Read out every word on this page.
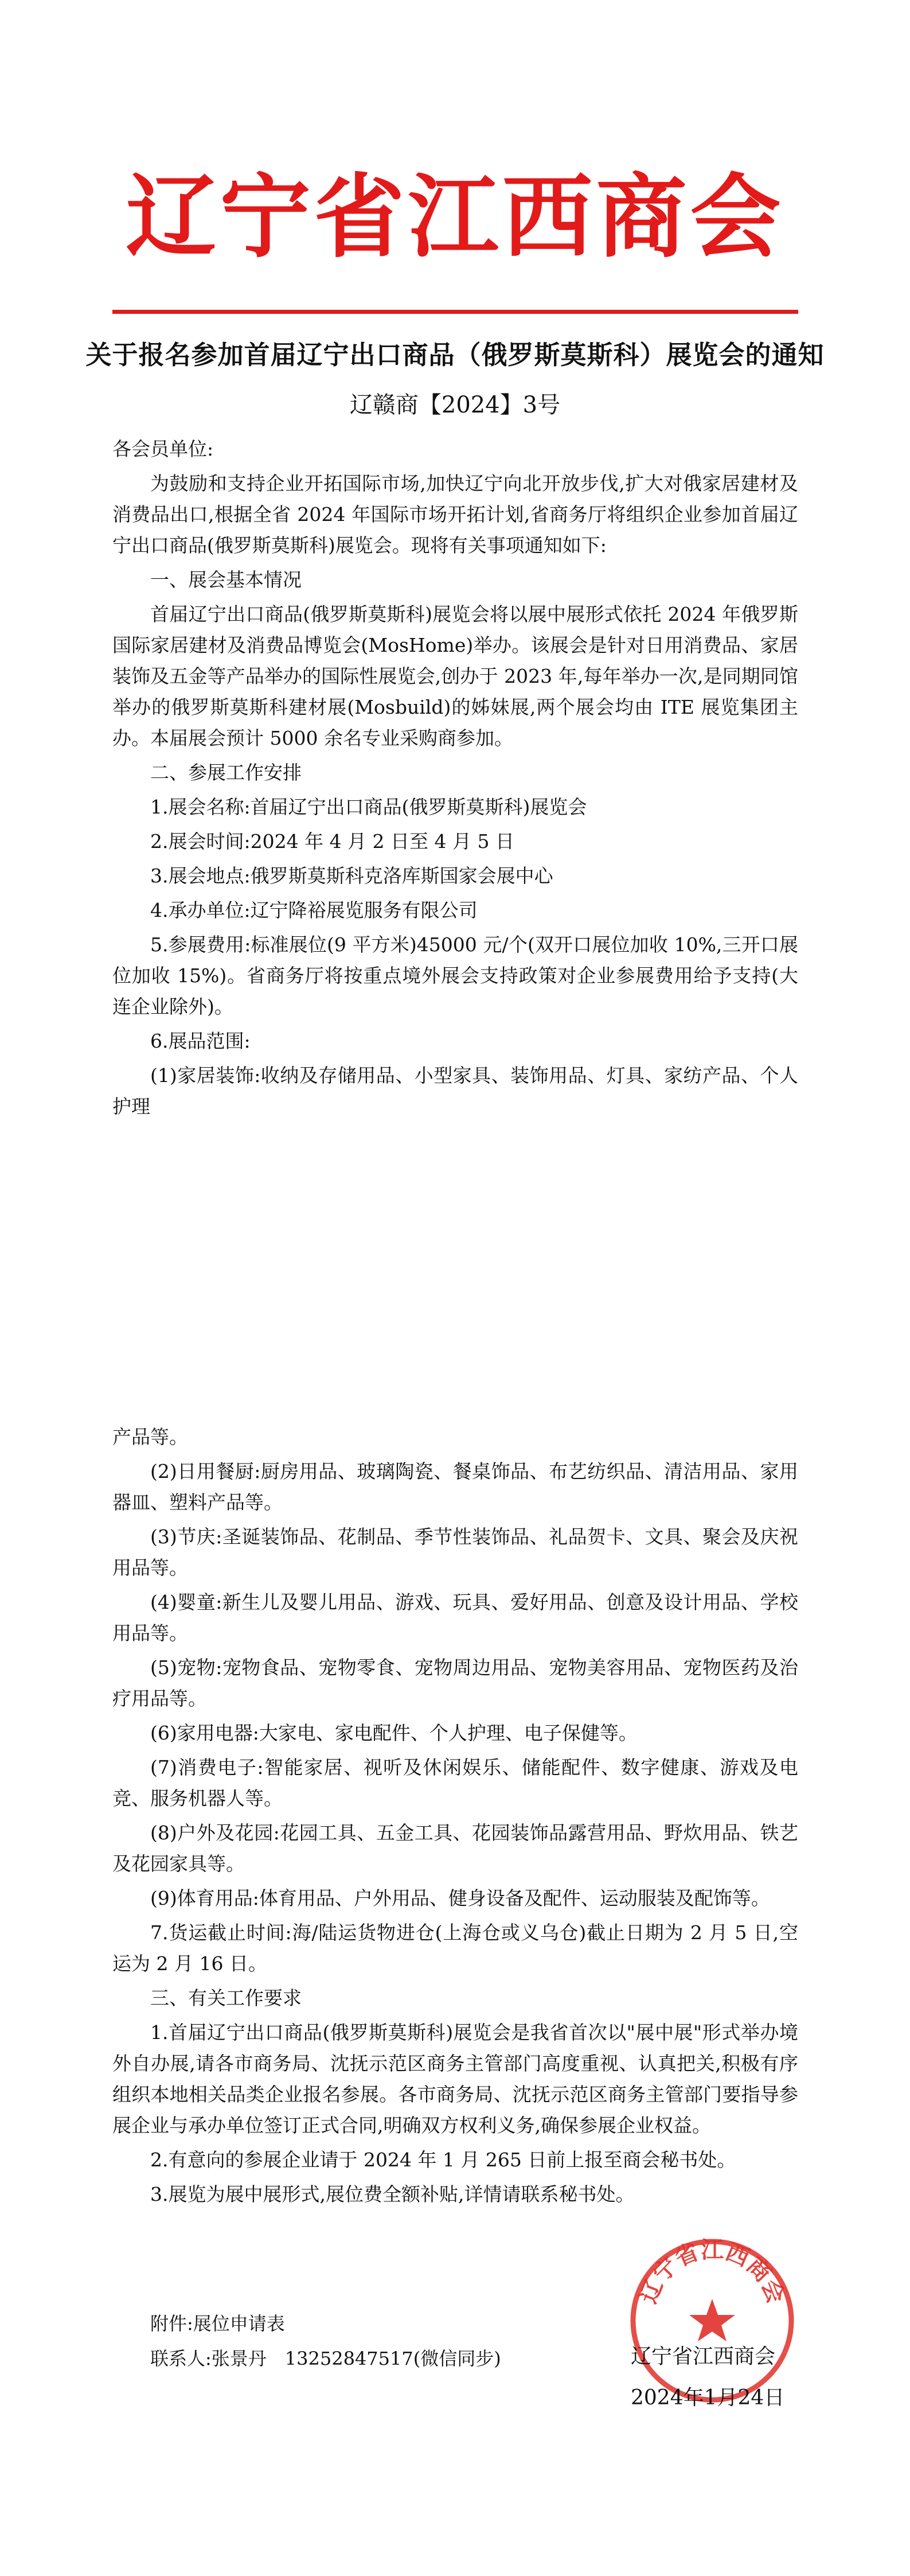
辽宁省江西商会
关于报名参加首届辽宁出口商品（俄罗斯莫斯科）展览会的通知
辽赣商【2024】3号

各会员单位:

为鼓励和支持企业开拓国际市场,加快辽宁向北开放步伐,扩大对俄家居建材及消费品出口,根据全省 2024 年国际市场开拓计划,省商务厅将组织企业参加首届辽宁出口商品(俄罗斯莫斯科)展览会。现将有关事项通知如下:

一、展会基本情况

首届辽宁出口商品(俄罗斯莫斯科)展览会将以展中展形式依托 2024 年俄罗斯国际家居建材及消费品博览会(MosHome)举办。该展会是针对日用消费品、家居装饰及五金等产品举办的国际性展览会,创办于 2023 年,每年举办一次,是同期同馆举办的俄罗斯莫斯科建材展(Mosbuild)的姊妹展,两个展会均由 ITE 展览集团主办。本届展会预计 5000 余名专业采购商参加。

二、参展工作安排

1.展会名称:首届辽宁出口商品(俄罗斯莫斯科)展览会

2.展会时间:2024 年 4 月 2 日至 4 月 5 日

3.展会地点:俄罗斯莫斯科克洛库斯国家会展中心

4.承办单位:辽宁降裕展览服务有限公司

5.参展费用:标准展位(9 平方米)45000 元/个(双开口展位加收 10%,三开口展位加收 15%)。省商务厅将按重点境外展会支持政策对企业参展费用给予支持(大连企业除外)。

6.展品范围:

(1)家居装饰:收纳及存储用品、小型家具、装饰用品、灯具、家纺产品、个人护理

产品等。

(2)日用餐厨:厨房用品、玻璃陶瓷、餐桌饰品、布艺纺织品、清洁用品、家用器皿、塑料产品等。

(3)节庆:圣诞装饰品、花制品、季节性装饰品、礼品贺卡、文具、聚会及庆祝用品等。

(4)婴童:新生儿及婴儿用品、游戏、玩具、爱好用品、创意及设计用品、学校用品等。

(5)宠物:宠物食品、宠物零食、宠物周边用品、宠物美容用品、宠物医药及治疗用品等。

(6)家用电器:大家电、家电配件、个人护理、电子保健等。

(7)消费电子:智能家居、视听及休闲娱乐、储能配件、数字健康、游戏及电竞、服务机器人等。

(8)户外及花园:花园工具、五金工具、花园装饰品露营用品、野炊用品、铁艺及花园家具等。

(9)体育用品:体育用品、户外用品、健身设备及配件、运动服装及配饰等。

7.货运截止时间:海/陆运货物进仓(上海仓或义乌仓)截止日期为 2 月 5 日,空运为 2 月 16 日。

三、有关工作要求

1.首届辽宁出口商品(俄罗斯莫斯科)展览会是我省首次以"展中展"形式举办境外自办展,请各市商务局、沈抚示范区商务主管部门高度重视、认真把关,积极有序组织本地相关品类企业报名参展。各市商务局、沈抚示范区商务主管部门要指导参展企业与承办单位签订正式合同,明确双方权利义务,确保参展企业权益。

2.有意向的参展企业请于 2024 年 1 月 265 日前上报至商会秘书处。

3.展览为展中展形式,展位费全额补贴,详情请联系秘书处。

附件:展位申请表
联系人:张景丹　13252847517(微信同步)
辽宁省江西商会
辽宁省江西商会
2024年1月24日
